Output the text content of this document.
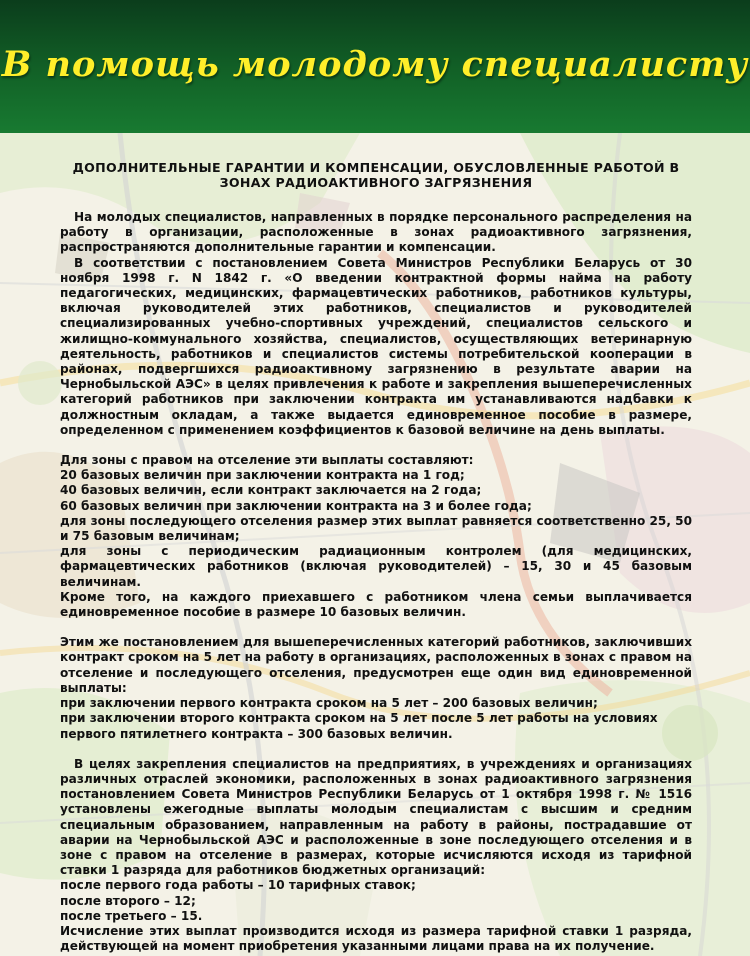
В помощь молодому специалисту
ДОПОЛНИТЕЛЬНЫЕ ГАРАНТИИ И КОМПЕНСАЦИИ, ОБУСЛОВЛЕННЫЕ РАБОТОЙ В ЗОНАХ РАДИОАКТИВНОГО ЗАГРЯЗНЕНИЯ

На молодых специалистов, направленных в порядке персонального распределения на работу в организации, расположенные в зонах радиоактивного загрязнения, распространяются дополнительные гарантии и компенсации.

В соответствии с постановлением Совета Министров Республики Беларусь от 30 ноября 1998 г. N 1842 г. «О введении контрактной формы найма на работу педагогических, медицинских, фармацевтических работников, работников культуры, включая руководителей этих работников, специалистов и руководителей специализированных учебно-спортивных учреждений, специалистов сельского и жилищно-коммунального хозяйства, специалистов, осуществляющих ветеринарную деятельность, работников и специалистов системы потребительской кооперации в районах, подвергшихся радиоактивному загрязнению в результате аварии на Чернобыльской АЭС» в целях привлечения к работе и закрепления вышеперечисленных категорий работников при заключении контракта им устанавливаются надбавки к должностным окладам, а также выдается единовременное пособие в размере, определенном с применением коэффициентов к базовой величине на день выплаты.

Для зоны с правом на отселение эти выплаты составляют:

20 базовых величин при заключении контракта на 1 год;

40 базовых величин, если контракт заключается на 2 года;

60 базовых величин при заключении контракта на 3 и более года;

для зоны последующего отселения размер этих выплат равняется соответственно 25, 50 и 75 базовым величинам;

для зоны с периодическим радиационным контролем (для медицинских, фармацевтических работников (включая руководителей) – 15, 30 и 45 базовым величинам.

Кроме того, на каждого приехавшего с работником члена семьи выплачивается единовременное пособие в размере 10 базовых величин.

Этим же постановлением для вышеперечисленных категорий работников, заключивших контракт сроком на 5 лет на работу в организациях, расположенных в зонах с правом на отселение и последующего отселения, предусмотрен еще один вид единовременной выплаты:

при заключении первого контракта сроком на 5 лет – 200 базовых величин;

при заключении второго контракта сроком на 5 лет после 5 лет работы на условиях первого пятилетнего контракта – 300 базовых величин.

В целях закрепления специалистов на предприятиях, в учреждениях и организациях различных отраслей экономики, расположенных в зонах радиоактивного загрязнения постановлением Совета Министров Республики Беларусь от 1 октября 1998 г. № 1516 установлены ежегодные выплаты молодым специалистам с высшим и средним специальным образованием, направленным на работу в районы, пострадавшие от аварии на Чернобыльской АЭС и расположенные в зоне последующего отселения и в зоне с правом на отселение в размерах, которые исчисляются исходя из тарифной ставки 1 разряда для работников бюджетных организаций:

после первого года работы – 10 тарифных ставок;

после второго – 12;

после третьего – 15.

Исчисление этих выплат производится исходя из размера тарифной ставки 1 разряда, действующей на момент приобретения указанными лицами права на их получение.
